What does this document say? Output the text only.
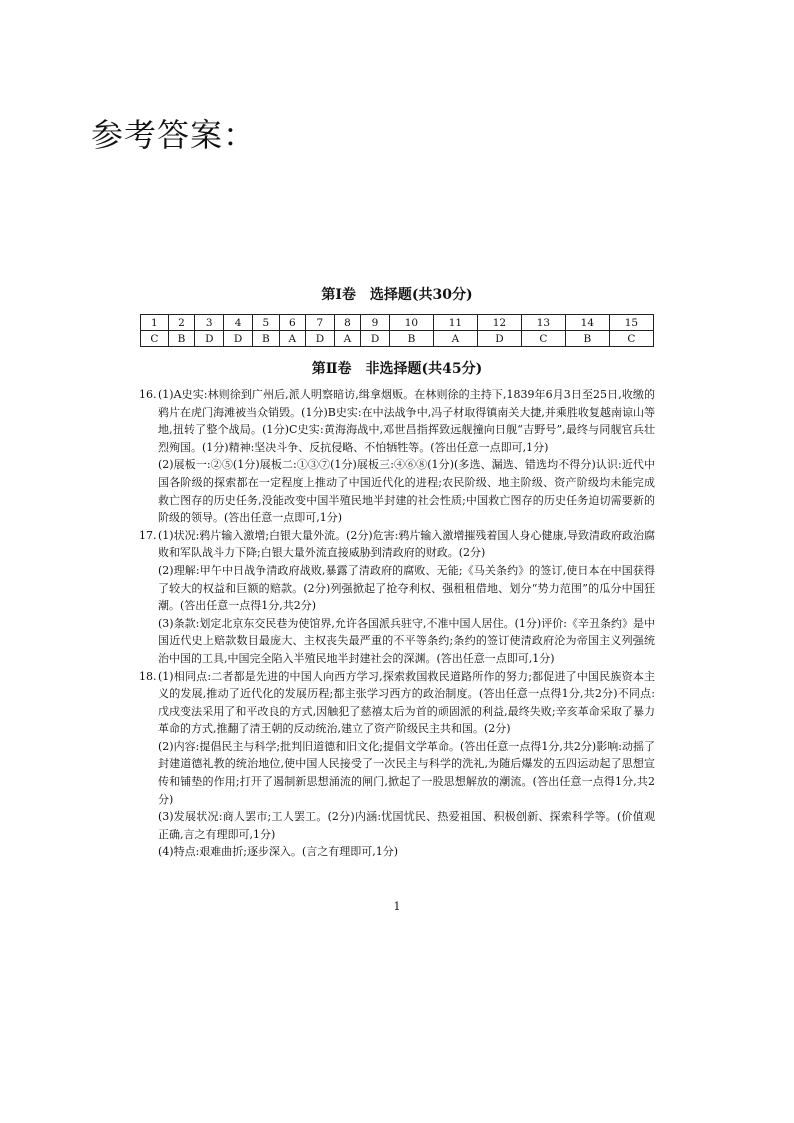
参考答案：
第Ⅰ卷　选择题(共30分)
1	2	3	4	5	6	7	8	9	10	11	12	13	14	15
C	B	D	D	B	A	D	A	D	B	A	D	C	B	C
第Ⅱ卷　非选择题(共45分)
16. (1)A史实:林则徐到广州后,派人明察暗访,缉拿烟贩。在林则徐的主持下,1839年6月3日至25日,收缴的鸦片在虎门海滩被当众销毁。(1分)B史实:在中法战争中,冯子材取得镇南关大捷,并乘胜收复越南谅山等地,扭转了整个战局。(1分)C史实:黄海海战中,邓世昌指挥致远舰撞向日舰“吉野号”,最终与同舰官兵壮烈殉国。(1分)精神:坚决斗争、反抗侵略、不怕牺牲等。(答出任意一点即可,1分)

(2)展板一:②⑤(1分)展板二:①③⑦(1分)展板三:④⑥⑧(1分)(多选、漏选、错选均不得分)认识:近代中国各阶级的探索都在一定程度上推动了中国近代化的进程;农民阶级、地主阶级、资产阶级均未能完成救亡图存的历史任务,没能改变中国半殖民地半封建的社会性质;中国救亡图存的历史任务迫切需要新的阶级的领导。(答出任意一点即可,1分)

17. (1)状况:鸦片输入激增;白银大量外流。(2分)危害:鸦片输入激增摧残着国人身心健康,导致清政府政治腐败和军队战斗力下降;白银大量外流直接威胁到清政府的财政。(2分)

(2)理解:甲午中日战争清政府战败,暴露了清政府的腐败、无能;《马关条约》的签订,使日本在中国获得了较大的权益和巨额的赔款。(2分)列强掀起了抢夺利权、强租租借地、划分“势力范围”的瓜分中国狂潮。(答出任意一点得1分,共2分)

(3)条款:划定北京东交民巷为使馆界,允许各国派兵驻守,不准中国人居住。(1分)评价:《辛丑条约》是中国近代史上赔款数目最庞大、主权丧失最严重的不平等条约;条约的签订使清政府沦为帝国主义列强统治中国的工具,中国完全陷入半殖民地半封建社会的深渊。(答出任意一点即可,1分)

18. (1)相同点:二者都是先进的中国人向西方学习,探索救国救民道路所作的努力;都促进了中国民族资本主义的发展,推动了近代化的发展历程;都主张学习西方的政治制度。(答出任意一点得1分,共2分)不同点:戊戌变法采用了和平改良的方式,因触犯了慈禧太后为首的顽固派的利益,最终失败;辛亥革命采取了暴力革命的方式,推翻了清王朝的反动统治,建立了资产阶级民主共和国。(2分)

(2)内容:提倡民主与科学;批判旧道德和旧文化;提倡文学革命。(答出任意一点得1分,共2分)影响:动摇了封建道德礼教的统治地位,使中国人民接受了一次民主与科学的洗礼,为随后爆发的五四运动起了思想宣传和铺垫的作用;打开了遏制新思想涌流的闸门,掀起了一股思想解放的潮流。(答出任意一点得1分,共2分)

(3)发展状况:商人罢市;工人罢工。(2分)内涵:忧国忧民、热爱祖国、积极创新、探索科学等。(价值观正确,言之有理即可,1分)

(4)特点:艰难曲折;逐步深入。(言之有理即可,1分)

1
